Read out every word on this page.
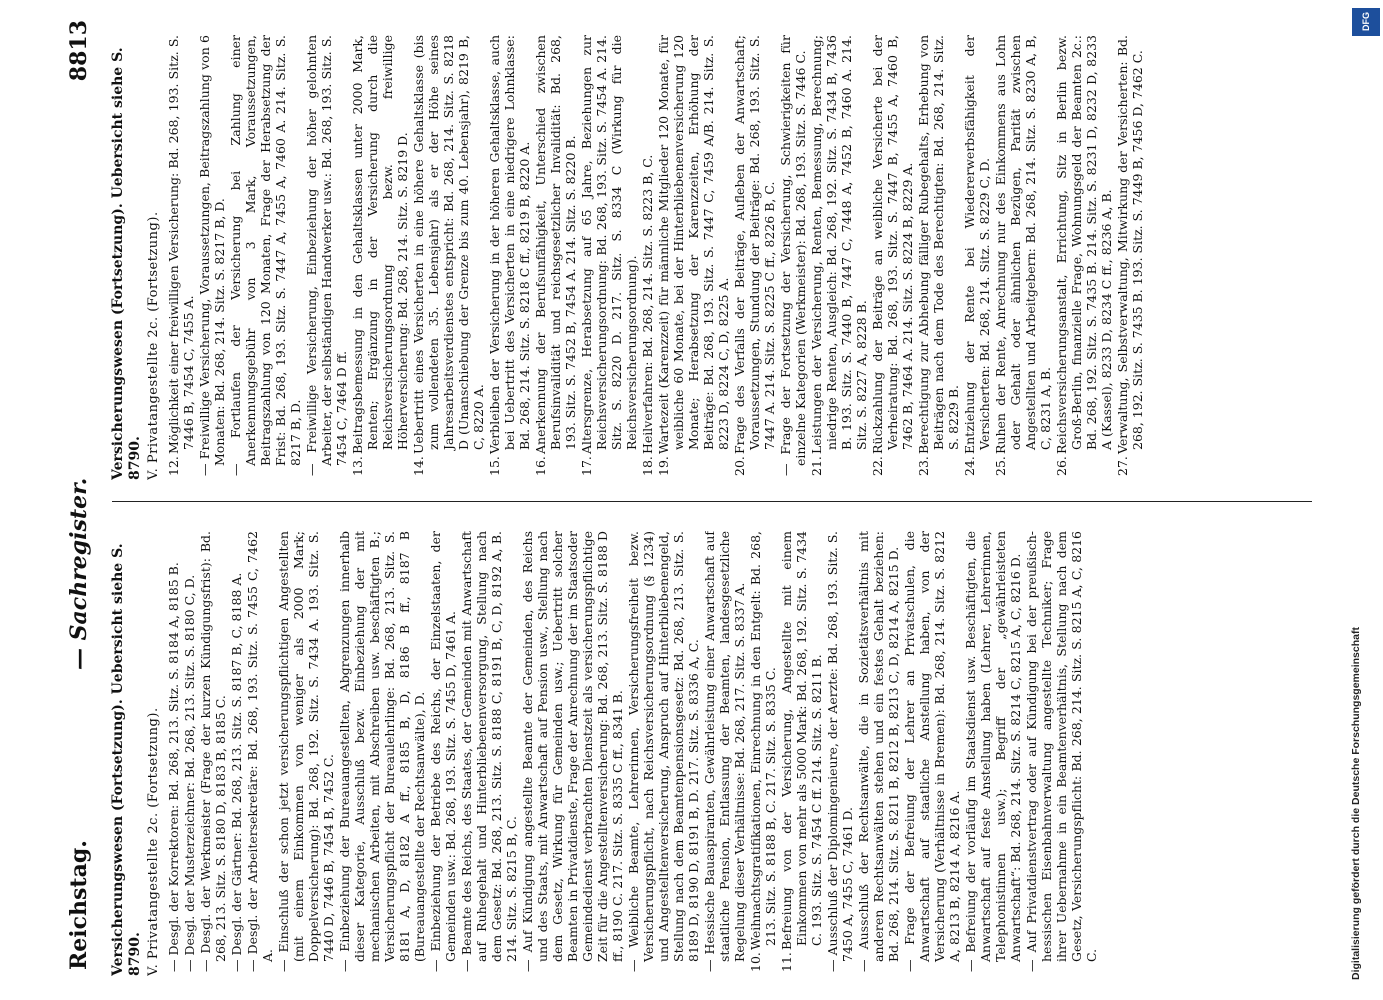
Reichstag.
— Sachregister.
8813
Versicherungswesen (Fortsetzung). Uebersicht siehe S. 8790. V. Privatangestellte 2c. (Fortsetzung). — Desgl. der Korrektoren: Bd. 268, 213. Sitz. S. 8184 A, 8185 B. — Desgl. der Musterzeichner: Bd. 268, 213. Sitz. S. 8180 C, D. — Desgl. der Werkmeister (Frage der kurzen Kündigungsfrist): Bd. 268, 213. Sitz. S. 8180 D, 8183 B, 8185 C. — Desgl. der Gärtner: Bd. 268, 213. Sitz. S. 8187 B, C, 8188 A. — Desgl. der Arbeitersekretäre: Bd. 268, 193. Sitz. S. 7455 C, 7462 A. — Einschluß der schon jetzt versicherungspflichtigen Angestellten (mit einem Einkommen von weniger als 2000 Mark; Doppelversicherung): Bd. 268, 192. Sitz. S. 7434 A. 193. Sitz. S. 7440 D, 7446 B, 7454 B, 7452 C. — Einbeziehung der Bureauangestellten, Abgrenzungen innerhalb dieser Kategorie, Ausschluß bezw. Einbeziehung der mit mechanischen Arbeiten, mit Abschreiben usw. beschäftigten B.; Versicherungspflicht der Bureaulehrlinge: Bd. 268, 213. Sitz. S. 8181 A, D, 8182 A ff., 8185 B, D, 8186 B ff., 8187 B (Bureauangestellte der Rechtsanwälte), D. — Einbeziehung der Betriebe des Reichs, der Einzelstaaten, der Gemeinden usw.: Bd. 268, 193. Sitz. S. 7455 D, 7461 A. — Beamte des Reichs, des Staates, der Gemeinden mit Anwartschaft auf Ruhegehalt und Hinterbliebenenversorgung, Stellung nach dem Gesetz: Bd. 268, 213. Sitz. S. 8188 C, 8191 B, C, D, 8192 A, B. 214. Sitz. S. 8215 B, C. — Auf Kündigung angestellte Beamte der Gemeinden, des Reichs und des Staats, mit Anwartschaft auf Pension usw., Stellung nach dem Gesetz, Wirkung für Gemeinden usw.; Uebertritt solcher Beamten in Privatdienste, Frage der Anrechnung der im Staatsoder Gemeindedienst verbrachten Dienstzeit als versicherungspflichtige Zeit für die Angestelltenversicherung: Bd. 268, 213. Sitz. S. 8188 D ff., 8190 C. 217. Sitz. S. 8335 C ff., 8341 B. — Weibliche Beamte, Lehrerinnen, Versicherungsfreiheit bezw. Versicherungspflicht, nach Reichsversicherungsordnung (§ 1234) und Angestelltenversicherung, Anspruch auf Hinterbliebenengeld, Stellung nach dem Beamtenpensionsgesetz: Bd. 268, 213. Sitz. S. 8189 D, 8190 D, 8191 B, D. 217. Sitz. S. 8336 A, C. — Hessische Bauaspiranten, Gewährleistung einer Anwartschaft auf staatliche Pension, Entlassung der Beamten, landesgesetzliche Regelung dieser Verhältnisse: Bd. 268, 217. Sitz. S. 8337 A.
10.Weihnachtsgratifikationen, Einrechnung in den Entgelt: Bd. 268, 213. Sitz. S. 8188 B, C. 217. Sitz. S. 8335 C.
11.Befreiung von der Versicherung, Angestellte mit einem Einkommen von mehr als 5000 Mark: Bd. 268, 192. Sitz. S. 7434 C. 193. Sitz. S. 7454 C ff. 214. Sitz. S. 8211 B. — Ausschluß der Diplomingenieure, der Aerzte: Bd. 268, 193. Sitz. S. 7450 A, 7455 C, 7461 D. — Ausschluß der Rechtsanwälte, die in Sozietätsverhältnis mit anderen Rechtsanwälten stehen und ein festes Gehalt beziehen: Bd. 268, 214. Sitz. S. 8211 B, 8212 B, 8213 C, D, 8214 A, 8215 D. — Frage der Befreiung der Lehrer an Privatschulen, die Anwartschaft auf staatliche Anstellung haben, von der Versicherung (Verhältnisse in Bremen): Bd. 268, 214. Sitz. S. 8212 A, 8213 B, 8214 A, 8216 A. — Befreiung der vorläufig im Staatsdienst usw. Beschäftigten, die Anwartschaft auf feste Anstellung haben (Lehrer, Lehrerinnen, Telephonistinnen usw.); Begriff der „gewährleisteten Anwartschaft“: Bd. 268, 214. Sitz. S. 8214 C, 8215 A, C, 8216 D. — Auf Privatdienstvertrag oder auf Kündigung bei der preußisch-hessischen Eisenbahnverwaltung angestellte Techniker; Frage ihrer Uebernahme in ein Beamtenverhältnis, Stellung nach dem Gesetz, Versicherungspflicht: Bd. 268, 214. Sitz. S. 8215 A, C, 8216 C.
Versicherungswesen (Fortsetzung). Uebersicht siehe S. 8790. V. Privatangestellte 2c. (Fortsetzung). 12.Möglichkeit einer freiwilligen Versicherung: Bd. 268, 193. Sitz. S. 7446 B, 7454 C, 7455 A. — Freiwillige Versicherung, Voraussetzungen, Beitragszahlung von 6 Monaten: Bd. 268, 214. Sitz. S. 8217 B, D. — Fortlaufen der Versicherung bei Zahlung einer Anerkennungsgebühr von 3 Mark, Voraussetzungen, Beitragszahlung von 120 Monaten, Frage der Herabsetzung der Frist: Bd. 268, 193. Sitz. S. 7447 A, 7455 A, 7460 A. 214. Sitz. S. 8217 B, D. — Freiwillige Versicherung, Einbeziehung der höher gelohnten Arbeiter, der selbständigen Handwerker usw.: Bd. 268, 193. Sitz. S. 7454 C, 7464 D ff.
13.Beitragsbemessung in den Gehaltsklassen unter 2000 Mark, Renten; Ergänzung in der Versicherung durch die Reichsversicherungsordnung bezw. freiwillige Höherversicherung: Bd. 268, 214. Sitz. S. 8219 D.
14.Uebertritt eines Versicherten in eine höhere Gehaltsklasse (bis zum vollendeten 35. Lebensjahr) als er der Höhe seines Jahresarbeitsverdienstes entspricht: Bd. 268, 214. Sitz. S. 8218 D (Unanschiebung der Grenze bis zum 40. Lebensjahr), 8219 B, C, 8220 A.
15.Verbleiben der Versicherung in der höheren Gehaltsklasse, auch bei Uebertritt des Versicherten in eine niedrigere Lohnklasse: Bd. 268, 214. Sitz. S. 8218 C ff., 8219 B, 8220 A.
16.Anerkennung der Berufsunfähigkeit, Unterschied zwischen Berufsinvalidität und reichsgesetzlicher Invalidität: Bd. 268, 193. Sitz. S. 7452 B, 7454 A. 214. Sitz. S. 8220 B.
17.Altersgrenze, Herabsetzung auf 65 Jahre, Beziehungen zur Reichsversicherungsordnung: Bd. 268, 193. Sitz. S. 7454 A. 214. Sitz. S. 8220 D. 217. Sitz. S. 8334 C (Wirkung für die Reichsversicherungsordnung).
18.Heilverfahren: Bd. 268, 214. Sitz. S. 8223 B, C.
19.Wartezeit (Karenzzeit) für männliche Mitglieder 120 Monate, für weibliche 60 Monate, bei der Hinterbliebenenversicherung 120 Monate; Herabsetzung der Karenzzeiten, Erhöhung der Beiträge: Bd. 268, 193. Sitz. S. 7447 C, 7459 A/B. 214. Sitz. S. 8223 D, 8224 C, D, 8225 A.
20.Frage des Verfalls der Beiträge, Aufleben der Anwartschaft; Voraussetzungen, Stundung der Beiträge: Bd. 268, 193. Sitz. S. 7447 A. 214. Sitz. S. 8225 C ff., 8226 B, C. — Frage der Fortsetzung der Versicherung, Schwierigkeiten für einzelne Kategorien (Werkmeister): Bd. 268, 193. Sitz. S. 7446 C.
21.Leistungen der Versicherung, Renten, Bemessung, Berechnung; niedrige Renten, Ausgleich: Bd. 268, 192. Sitz. S. 7434 B, 7436 B. 193. Sitz. S. 7440 B, 7447 C, 7448 A, 7452 B, 7460 A. 214. Sitz. S. 8227 A, 8228 B.
22.Rückzahlung der Beiträge an weibliche Versicherte bei der Verheiratung: Bd. 268, 193. Sitz. S. 7447 B, 7455 A, 7460 B, 7462 B, 7464 A. 214. Sitz. S. 8224 B, 8229 A.
23.Berechtigung zur Abhebung fälliger Rubegehalts, Erhebung von Beiträgen nach dem Tode des Berechtigten: Bd. 268, 214. Sitz. S. 8229 B.
24.Entziehung der Rente bei Wiedererwerbsfähigkeit der Versicherten: Bd. 268, 214. Sitz. S. 8229 C, D.
25.Ruhen der Rente, Anrechnung nur des Einkommens aus Lohn oder Gehalt oder ähnlichen Bezügen, Parität zwischen Angestellten und Arbeitgebern: Bd. 268, 214. Sitz. S. 8230 A, B, C, 8231 A, B.
26.Reichsversicherungsanstalt, Errichtung, Sitz in Berlin bezw. Groß-Berlin, finanzielle Frage, Wohnungsgeld der Beamten 2c.: Bd. 268, 192. Sitz. S. 7435 B. 214. Sitz. S. 8231 D, 8232 D, 8233 A (Kassel), 8233 D, 8234 C ff., 8236 A, B.
27.Verwaltung, Selbstverwaltung, Mitwirkung der Versicherten: Bd. 268, 192. Sitz. S. 7435 B. 193. Sitz. S. 7449 B, 7456 D, 7462 C.
DFG
Digitalisierung gefördert durch die Deutsche Forschungsgemeinschaft
